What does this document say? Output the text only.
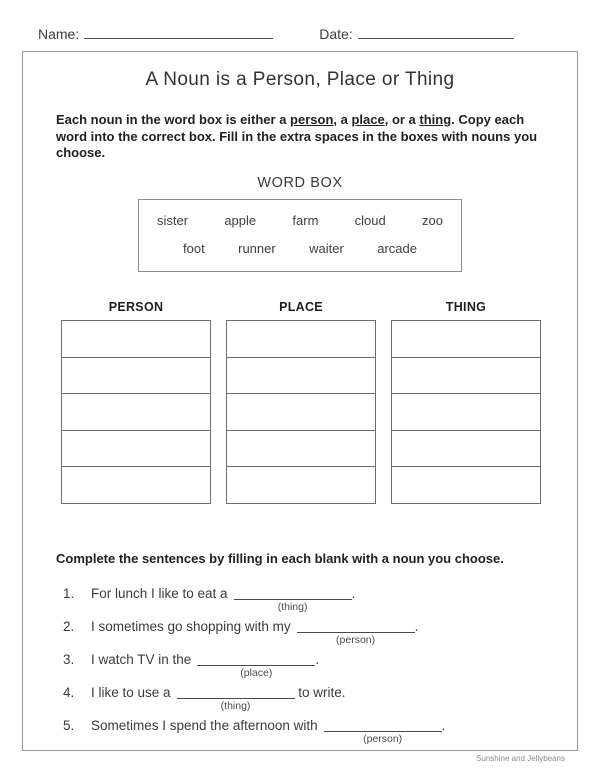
Name:	Date:
A Noun is a Person, Place or Thing

Each noun in the word box is either a person, a place, or a thing. Copy each word into the correct box. Fill in the extra spaces in the boxes with nouns you choose.

WORD BOX
sister	apple	farm	cloud	zoo
foot	runner	waiter	arcade
PERSON	PLACE	THING
Complete the sentences by filling in each blank with a noun you choose.
1.	For lunch I like to eat a

(thing)

.
2.	I sometimes go shopping with my

(person)

.
3.	I watch TV in the

(place)

.
4.	I like to use a

(thing)

to write.
5.	Sometimes I spend the afternoon with

(person)

.
Sunshine and Jellybeans
